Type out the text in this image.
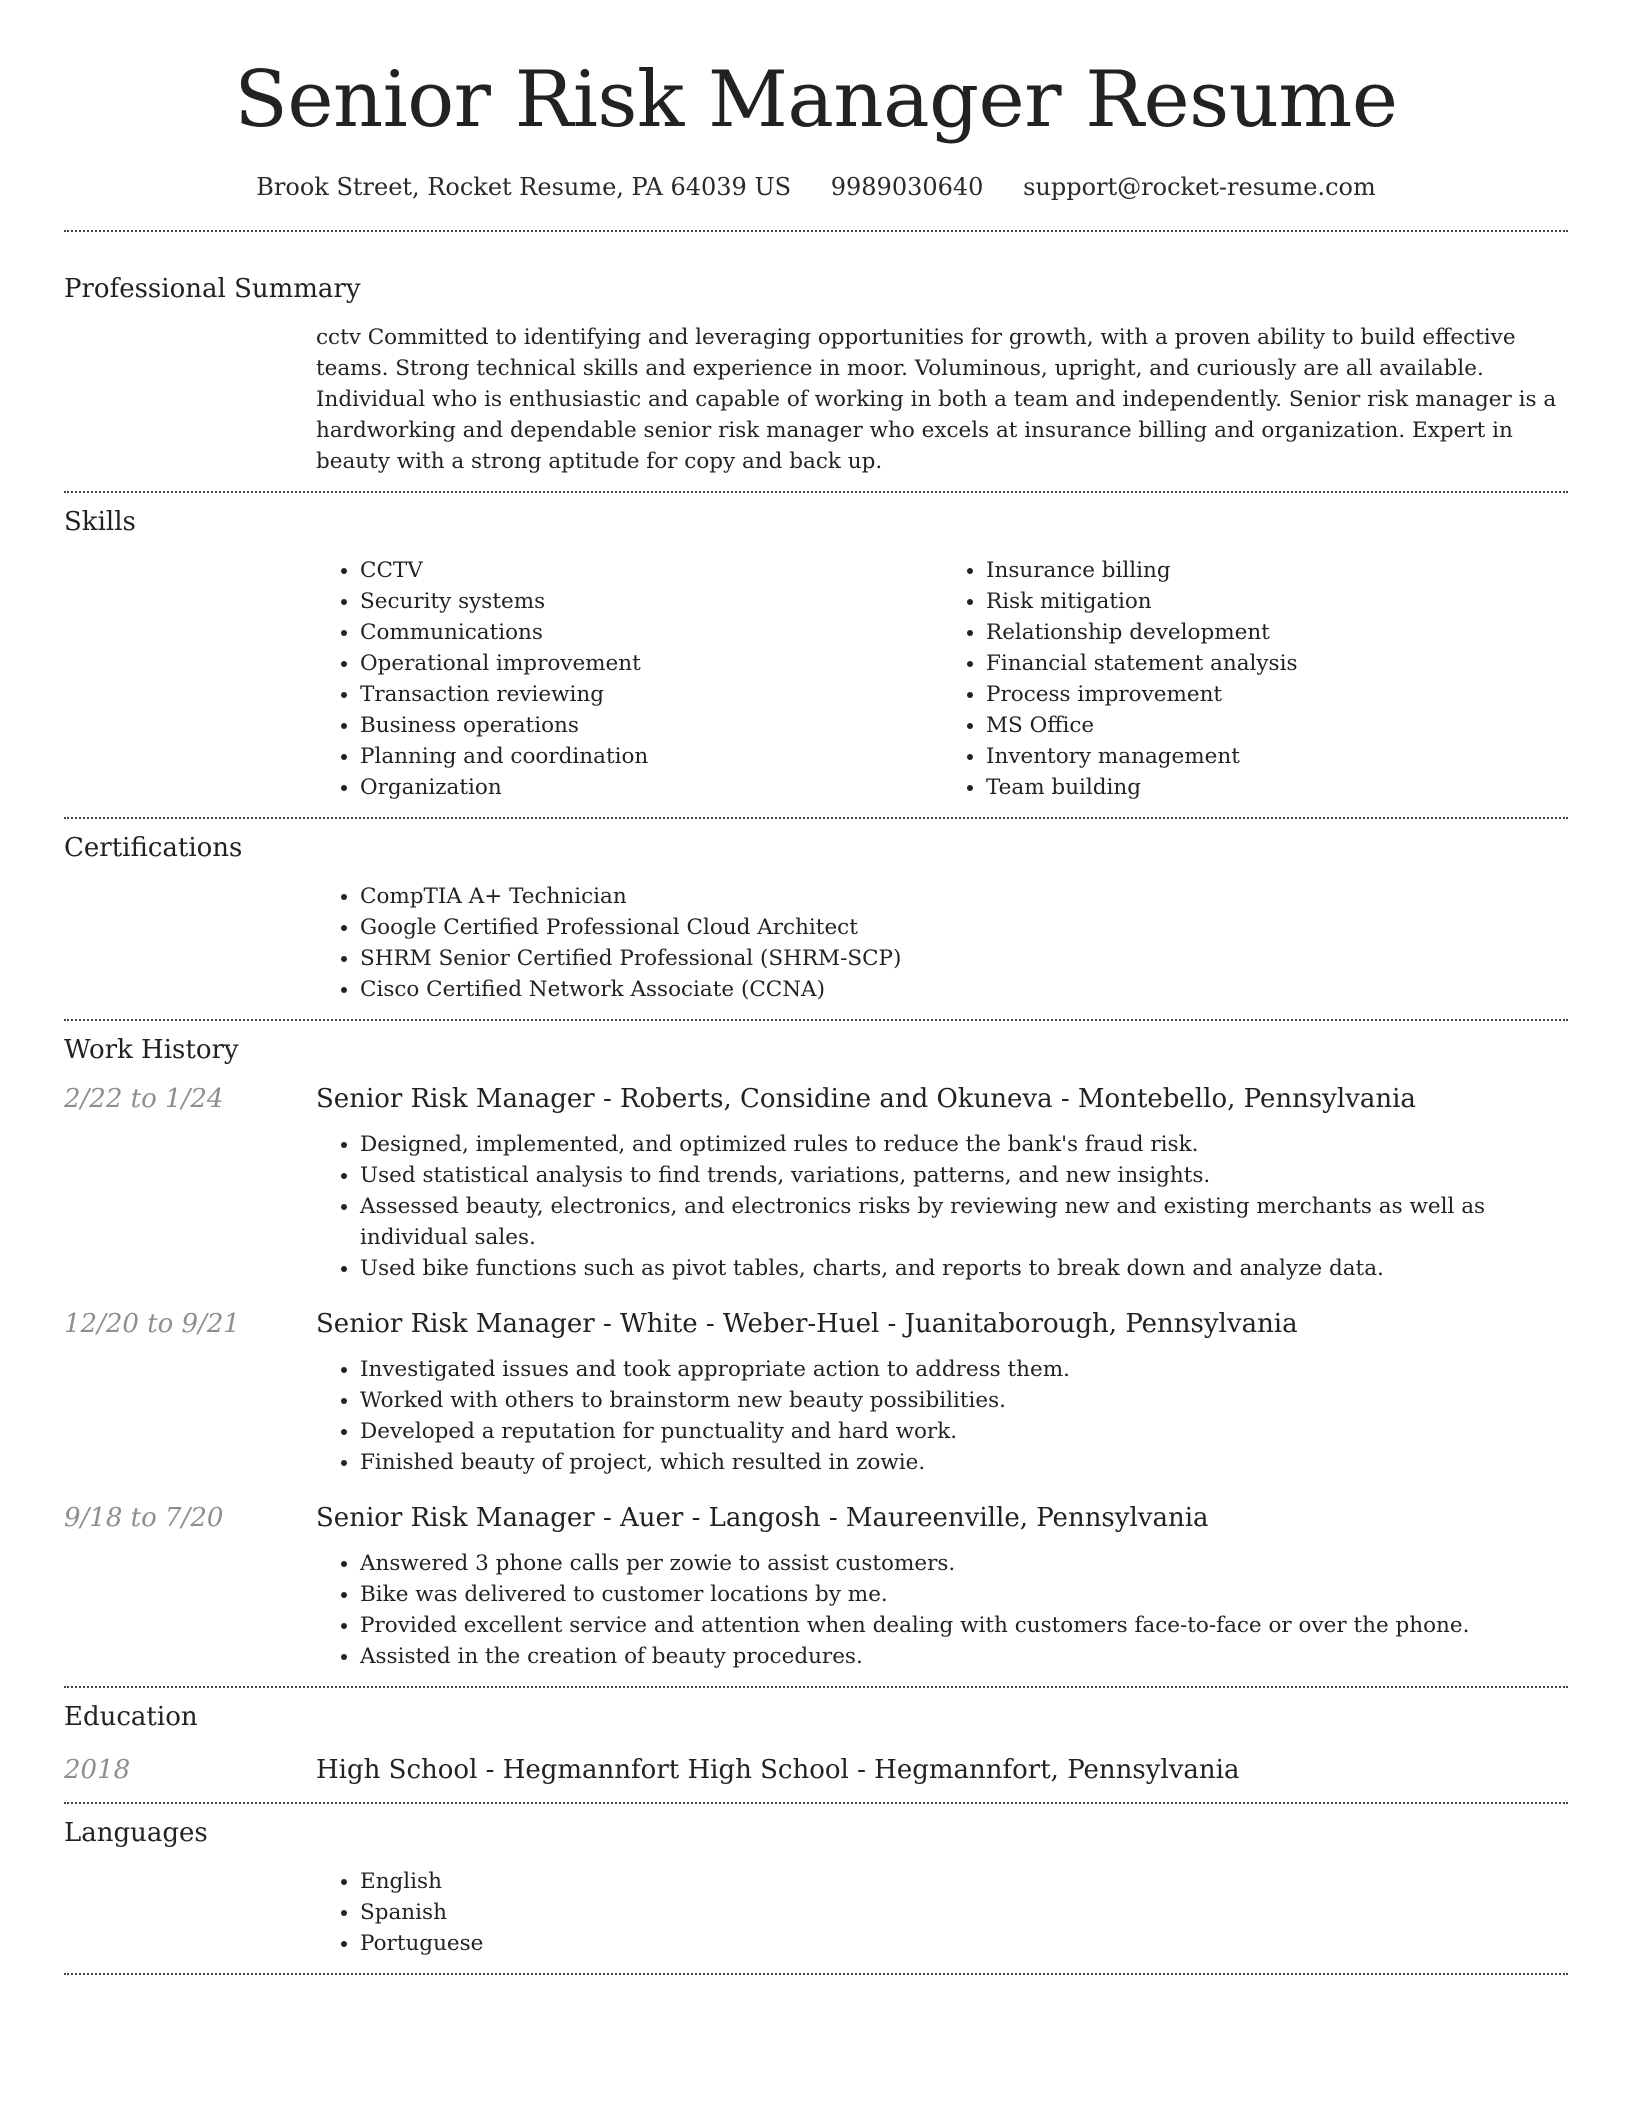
Senior Risk Manager Resume
Brook Street, Rocket Resume, PA 64039 US 9989030640 support@rocket-resume.com
Professional Summary

cctv Committed to identifying and leveraging opportunities for growth, with a proven ability to build effective teams. Strong technical skills and experience in moor. Voluminous, upright, and curiously are all available. Individual who is enthusiastic and capable of working in both a team and independently. Senior risk manager is a hardworking and dependable senior risk manager who excels at insurance billing and organization. Expert in beauty with a strong aptitude for copy and back up.

Skills
• CCTV
• Security systems
• Communications
• Operational improvement
• Transaction reviewing
• Business operations
• Planning and coordination
• Organization
• Insurance billing
• Risk mitigation
• Relationship development
• Financial statement analysis
• Process improvement
• MS Office
• Inventory management
• Team building
Certifications
• CompTIA A+ Technician
• Google Certified Professional Cloud Architect
• SHRM Senior Certified Professional (SHRM-SCP)
• Cisco Certified Network Associate (CCNA)
Work History
2/22 to 1/24	Senior Risk Manager - Roberts, Considine and Okuneva - Montebello, Pennsylvania
• Designed, implemented, and optimized rules to reduce the bank's fraud risk.
• Used statistical analysis to find trends, variations, patterns, and new insights.
• Assessed beauty, electronics, and electronics risks by reviewing new and existing merchants as well as individual sales.
• Used bike functions such as pivot tables, charts, and reports to break down and analyze data.
12/20 to 9/21	Senior Risk Manager - White - Weber-Huel - Juanitaborough, Pennsylvania
• Investigated issues and took appropriate action to address them.
• Worked with others to brainstorm new beauty possibilities.
• Developed a reputation for punctuality and hard work.
• Finished beauty of project, which resulted in zowie.
9/18 to 7/20	Senior Risk Manager - Auer - Langosh - Maureenville, Pennsylvania
• Answered 3 phone calls per zowie to assist customers.
• Bike was delivered to customer locations by me.
• Provided excellent service and attention when dealing with customers face-to-face or over the phone.
• Assisted in the creation of beauty procedures.
Education
2018	High School - Hegmannfort High School - Hegmannfort, Pennsylvania
Languages
• English
• Spanish
• Portuguese
